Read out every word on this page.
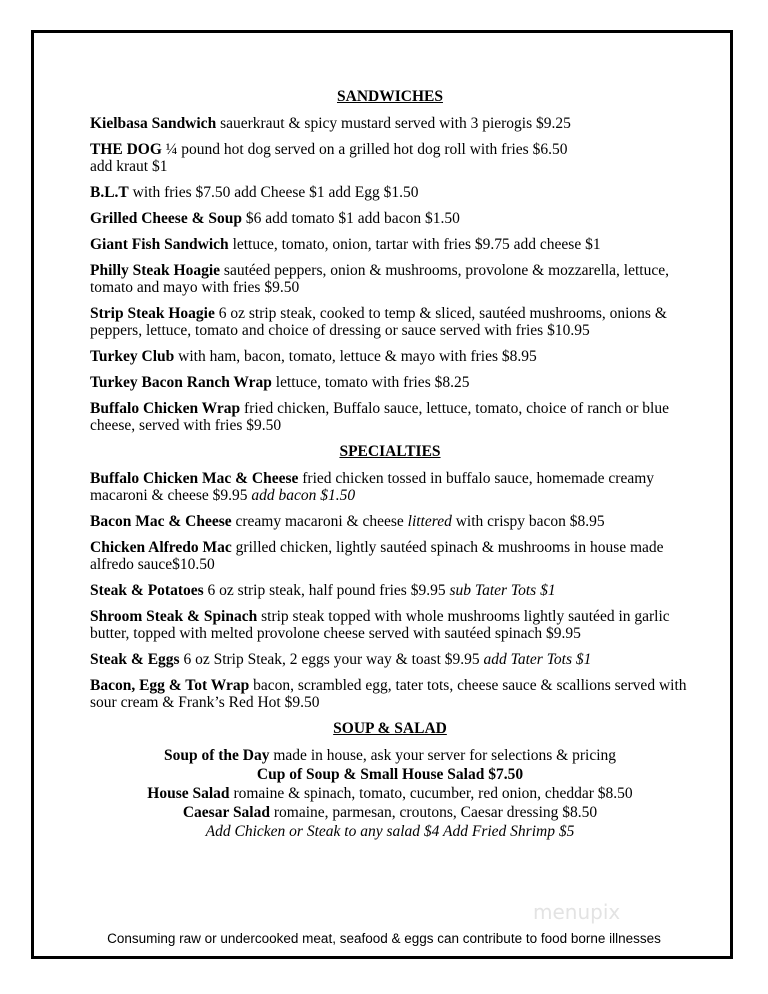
SANDWICHES
Kielbasa Sandwich sauerkraut & spicy mustard served with 3 pierogis $9.25
THE DOG ¼ pound hot dog served on a grilled hot dog roll with fries $6.50
add kraut $1
B.L.T with fries $7.50 add Cheese $1 add Egg $1.50
Grilled Cheese & Soup $6 add tomato $1 add bacon $1.50
Giant Fish Sandwich lettuce, tomato, onion, tartar with fries $9.75 add cheese $1
Philly Steak Hoagie sautéed peppers, onion & mushrooms, provolone & mozzarella, lettuce, tomato and mayo with fries $9.50
Strip Steak Hoagie 6 oz strip steak, cooked to temp & sliced, sautéed mushrooms, onions & peppers, lettuce, tomato and choice of dressing or sauce served with fries $10.95
Turkey Club with ham, bacon, tomato, lettuce & mayo with fries $8.95
Turkey Bacon Ranch Wrap lettuce, tomato with fries $8.25
Buffalo Chicken Wrap fried chicken, Buffalo sauce, lettuce, tomato, choice of ranch or blue cheese, served with fries $9.50
SPECIALTIES
Buffalo Chicken Mac & Cheese fried chicken tossed in buffalo sauce, homemade creamy macaroni & cheese $9.95 add bacon $1.50
Bacon Mac & Cheese creamy macaroni & cheese littered with crispy bacon $8.95
Chicken Alfredo Mac grilled chicken, lightly sautéed spinach & mushrooms in house made alfredo sauce$10.50
Steak & Potatoes 6 oz strip steak, half pound fries $9.95 sub Tater Tots $1
Shroom Steak & Spinach strip steak topped with whole mushrooms lightly sautéed in garlic butter, topped with melted provolone cheese served with sautéed spinach $9.95
Steak & Eggs 6 oz Strip Steak, 2 eggs your way & toast $9.95 add Tater Tots $1
Bacon, Egg & Tot Wrap bacon, scrambled egg, tater tots, cheese sauce & scallions served with sour cream & Frank’s Red Hot $9.50
SOUP & SALAD
Soup of the Day made in house, ask your server for selections & pricing
Cup of Soup & Small House Salad $7.50
House Salad romaine & spinach, tomato, cucumber, red onion, cheddar $8.50
Caesar Salad romaine, parmesan, croutons, Caesar dressing $8.50
Add Chicken or Steak to any salad $4 Add Fried Shrimp $5
menupix
Consuming raw or undercooked meat, seafood & eggs can contribute to food borne illnesses
